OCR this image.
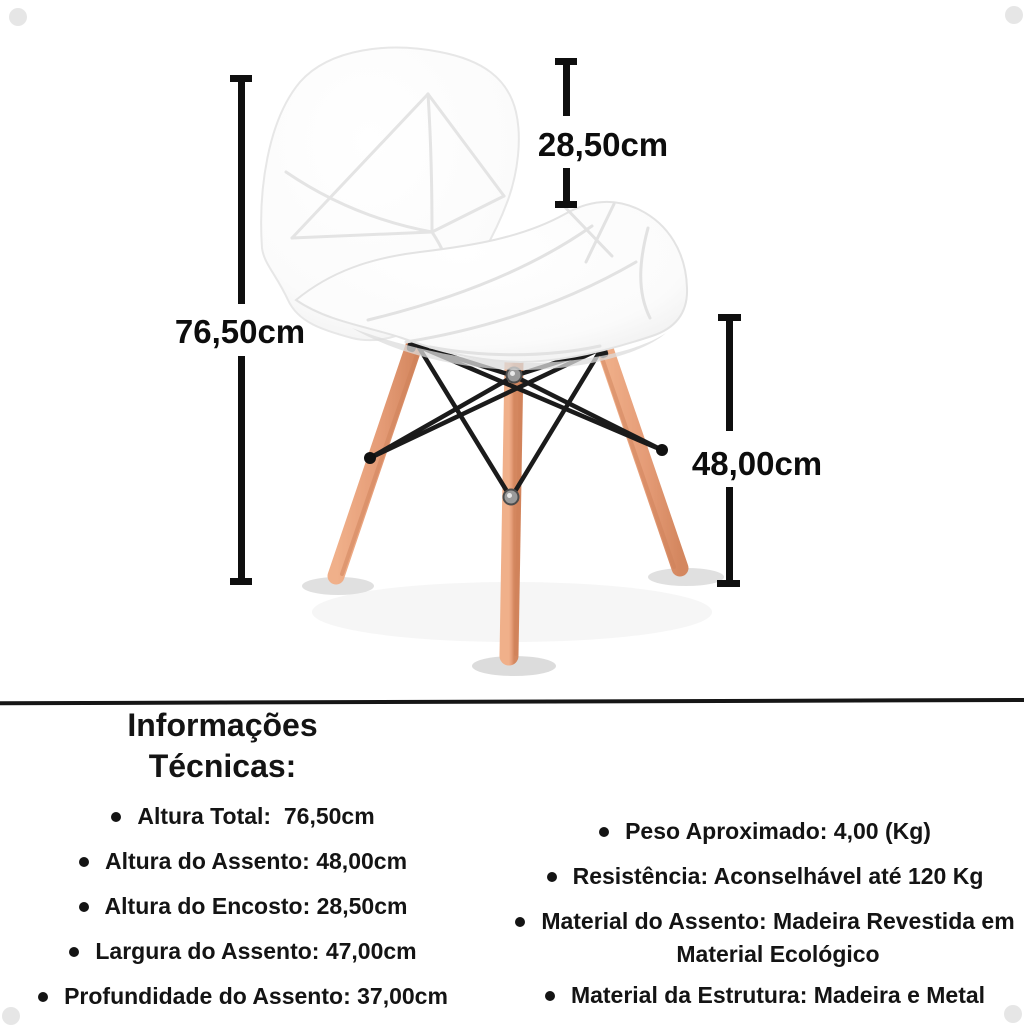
76,50cm
28,50cm
48,00cm
Informações
Técnicas:
Altura Total:  76,50cm
Altura do Assento: 48,00cm
Altura do Encosto: 28,50cm
Largura do Assento: 47,00cm
Profundidade do Assento: 37,00cm
Peso Aproximado: 4,00 (Kg)
Resistência: Aconselhável até 120 Kg
Material do Assento: Madeira Revestida em Material Ecológico
Material da Estrutura: Madeira e Metal
